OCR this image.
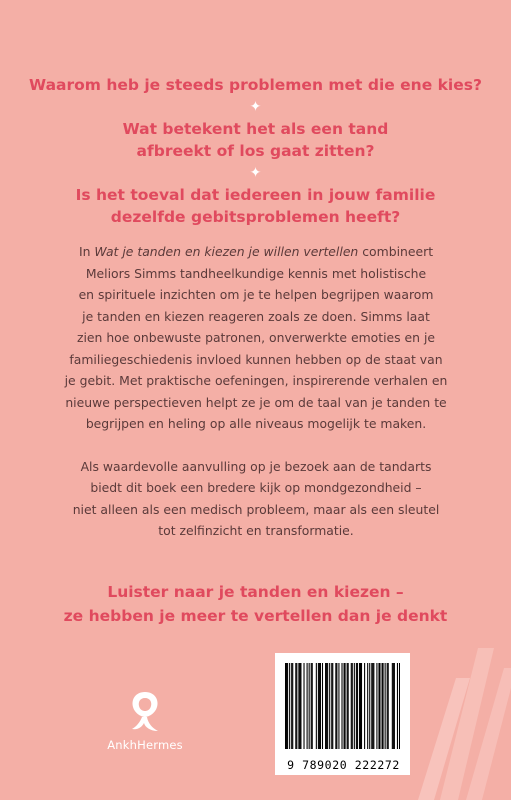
Waarom heb je steeds problemen met die ene kies?

✦

Wat betekent het als een tand
afbreekt of los gaat zitten?

✦

Is het toeval dat iedereen in jouw familie
dezelfde gebitsproblemen heeft?

In Wat je tanden en kiezen je willen vertellen combineert
Meliors Simms tandheelkundige kennis met holistische
en spirituele inzichten om je te helpen begrijpen waarom
je tanden en kiezen reageren zoals ze doen. Simms laat
zien hoe onbewuste patronen, onverwerkte emoties en je
familiegeschiedenis invloed kunnen hebben op de staat van
je gebit. Met praktische oefeningen, inspirerende verhalen en
nieuwe perspectieven helpt ze je om de taal van je tanden te
begrijpen en heling op alle niveaus mogelijk te maken.

Als waardevolle aanvulling op je bezoek aan de tandarts
biedt dit boek een bredere kijk op mondgezondheid –
niet alleen als een medisch probleem, maar als een sleutel
tot zelfinzicht en transformatie.

Luister naar je tanden en kiezen –
ze hebben je meer te vertellen dan je denkt
AnkhHermes
9 789020 222272
